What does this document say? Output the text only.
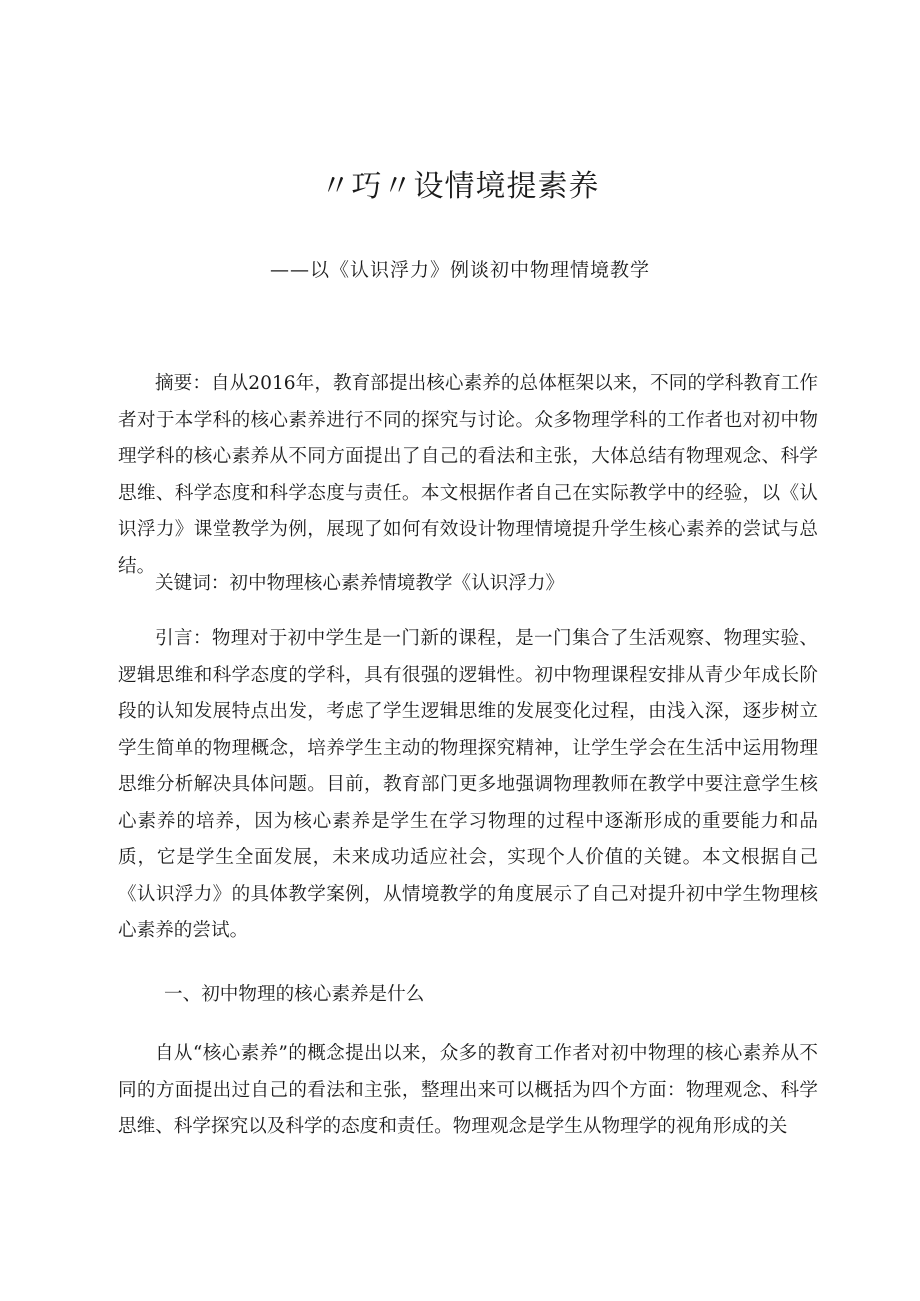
〃巧〃设情境提素养
——以《认识浮力》例谈初中物理情境教学

摘要：自从2016年，教育部提出核心素养的总体框架以来，不同的学科教育工作者对于本学科的核心素养进行不同的探究与讨论。众多物理学科的工作者也对初中物理学科的核心素养从不同方面提出了自己的看法和主张，大体总结有物理观念、科学思维、科学态度和科学态度与责任。本文根据作者自己在实际教学中的经验，以《认识浮力》课堂教学为例，展现了如何有效设计物理情境提升学生核心素养的尝试与总结。

关键词：初中物理核心素养情境教学《认识浮力》

引言：物理对于初中学生是一门新的课程，是一门集合了生活观察、物理实验、逻辑思维和科学态度的学科，具有很强的逻辑性。初中物理课程安排从青少年成长阶段的认知发展特点出发，考虑了学生逻辑思维的发展变化过程，由浅入深，逐步树立学生简单的物理概念，培养学生主动的物理探究精神，让学生学会在生活中运用物理思维分析解决具体问题。目前，教育部门更多地强调物理教师在教学中要注意学生核心素养的培养，因为核心素养是学生在学习物理的过程中逐渐形成的重要能力和品质，它是学生全面发展，未来成功适应社会，实现个人价值的关键。本文根据自己《认识浮力》的具体教学案例，从情境教学的角度展示了自己对提升初中学生物理核心素养的尝试。

一、初中物理的核心素养是什么

自从“核心素养”的概念提出以来，众多的教育工作者对初中物理的核心素养从不同的方面提出过自己的看法和主张，整理出来可以概括为四个方面：物理观念、科学思维、科学探究以及科学的态度和责任。物理观念是学生从物理学的视角形成的关
